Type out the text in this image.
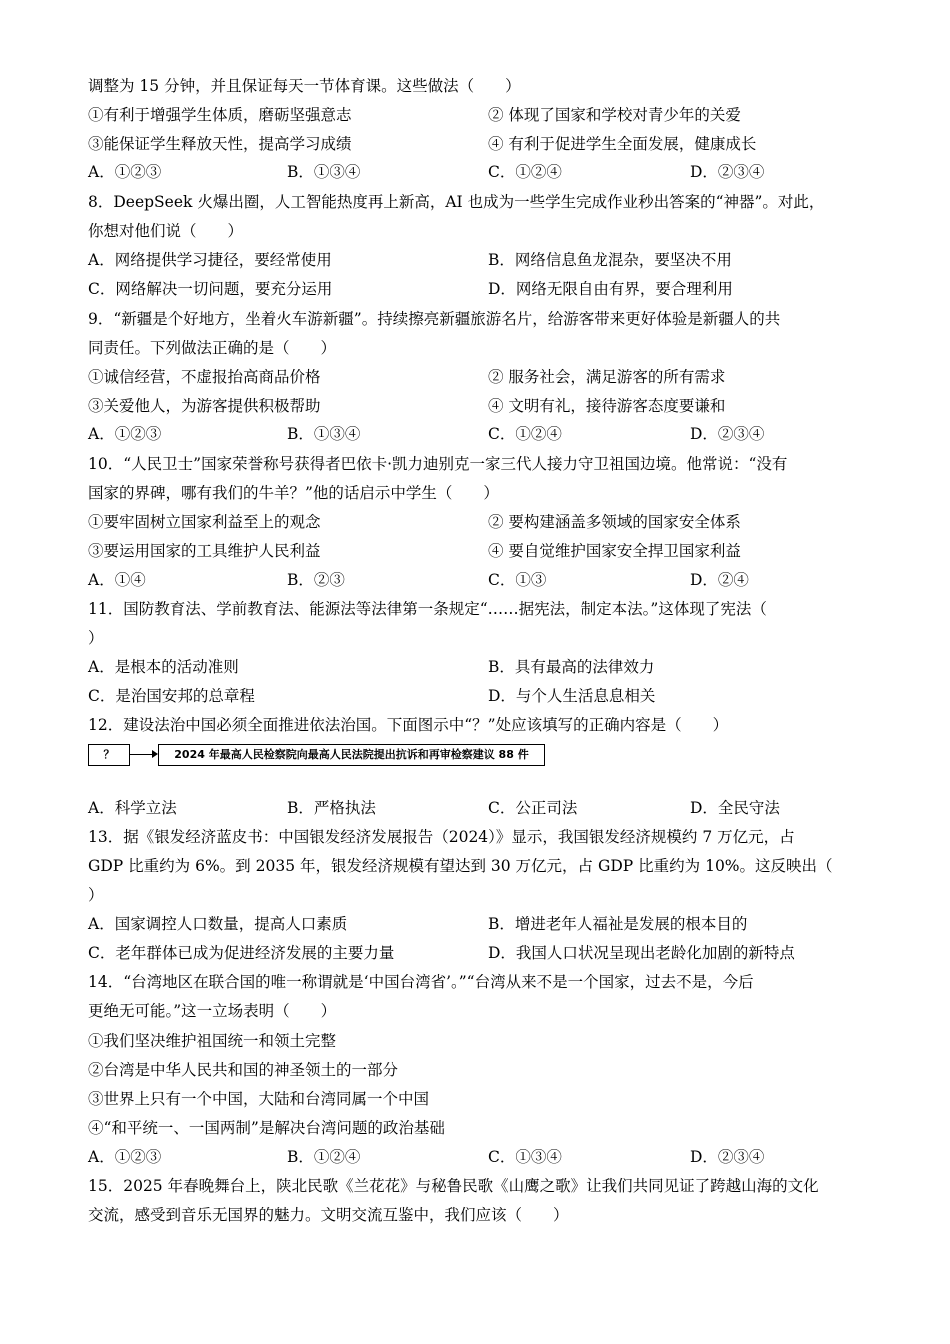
调整为 15 分钟，并且保证每天一节体育课。这些做法（　　）
①有利于增强学生体质，磨砺坚强意志	② 体现了国家和学校对青少年的关爱
③能保证学生释放天性，提高学习成绩	④ 有利于促进学生全面发展，健康成长
A．①②③	B．①③④	C．①②④	D．②③④
8．DeepSeek 火爆出圈，人工智能热度再上新高，AI 也成为一些学生完成作业秒出答案的“神器”。对此，
你想对他们说（　　）
A．网络提供学习捷径，要经常使用	B．网络信息鱼龙混杂，要坚决不用
C．网络解决一切问题，要充分运用	D．网络无限自由有界，要合理利用
9．“新疆是个好地方，坐着火车游新疆”。持续擦亮新疆旅游名片，给游客带来更好体验是新疆人的共
同责任。下列做法正确的是（　　）
①诚信经营，不虚报抬高商品价格	② 服务社会，满足游客的所有需求
③关爱他人，为游客提供积极帮助	④ 文明有礼，接待游客态度要谦和
A．①②③	B．①③④	C．①②④	D．②③④
10．“人民卫士”国家荣誉称号获得者巴依卡·凯力迪别克一家三代人接力守卫祖国边境。他常说：“没有
国家的界碑，哪有我们的牛羊？”他的话启示中学生（　　）
①要牢固树立国家利益至上的观念	② 要构建涵盖多领域的国家安全体系
③要运用国家的工具维护人民利益	④ 要自觉维护国家安全捍卫国家利益
A．①④	B．②③	C．①③	D．②④
11．国防教育法、学前教育法、能源法等法律第一条规定“……据宪法，制定本法。”这体现了宪法（
）
A．是根本的活动准则	B．具有最高的法律效力
C．是治国安邦的总章程	D．与个人生活息息相关
12．建设法治中国必须全面推进依法治国。下面图示中“？”处应该填写的正确内容是（　　）
？	2024 年最高人民检察院向最高人民法院提出抗诉和再审检察建议 88 件
A．科学立法	B．严格执法	C．公正司法	D．全民守法
13．据《银发经济蓝皮书：中国银发经济发展报告（2024）》显示，我国银发经济规模约 7 万亿元，占
GDP 比重约为 6%。到 2035 年，银发经济规模有望达到 30 万亿元，占 GDP 比重约为 10%。这反映出（
）
A．国家调控人口数量，提高人口素质	B．增进老年人福祉是发展的根本目的
C．老年群体已成为促进经济发展的主要力量	D．我国人口状况呈现出老龄化加剧的新特点
14．“台湾地区在联合国的唯一称谓就是‘中国台湾省’。”“台湾从来不是一个国家，过去不是，今后
更绝无可能。”这一立场表明（　　）
①我们坚决维护祖国统一和领土完整
②台湾是中华人民共和国的神圣领土的一部分
③世界上只有一个中国，大陆和台湾同属一个中国
④“和平统一、一国两制”是解决台湾问题的政治基础
A．①②③	B．①②④	C．①③④	D．②③④
15．2025 年春晚舞台上，陕北民歌《兰花花》与秘鲁民歌《山鹰之歌》让我们共同见证了跨越山海的文化
交流，感受到音乐无国界的魅力。文明交流互鉴中，我们应该（　　）
